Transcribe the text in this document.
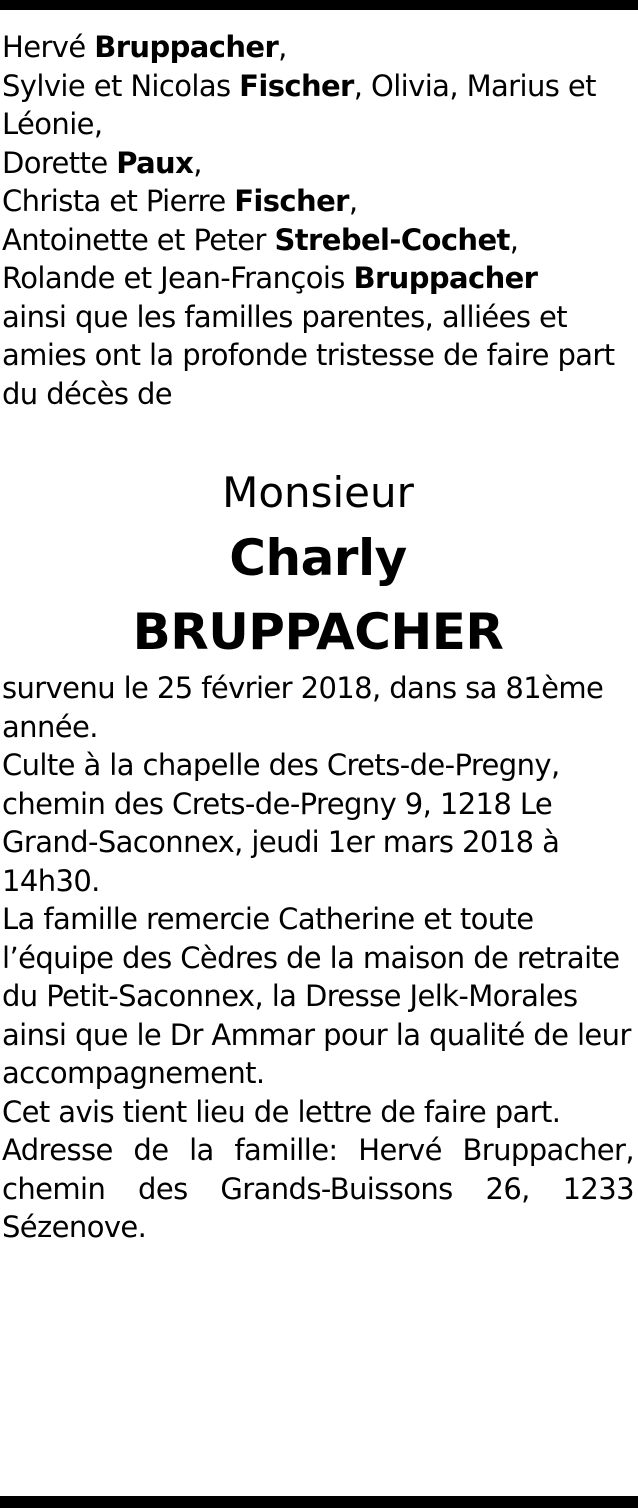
Hervé Bruppacher,

Sylvie et Nicolas Fischer, Olivia, Marius et Léonie,

Dorette Paux,

Christa et Pierre Fischer,

Antoinette et Peter Strebel-Cochet,

Rolande et Jean-François Bruppacher

ainsi que les familles parentes, alliées et amies ont la profonde tristesse de faire part du décès de

Monsieur
Charly
BRUPPACHER

survenu le 25 février 2018, dans sa 81ème année.

Culte à la chapelle des Crets-de-Pregny, chemin des Crets-de-Pregny 9, 1218 Le Grand-Saconnex, jeudi 1er mars 2018 à 14h30.

La famille remercie Catherine et toute l’équipe des Cèdres de la maison de retraite du Petit-Saconnex, la Dresse Jelk-Morales ainsi que le Dr Ammar pour la qualité de leur accompagnement.

Cet avis tient lieu de lettre de faire part.

Adresse de la famille: Hervé Bruppacher, chemin des Grands-Buissons 26, 1233 Sézenove.
